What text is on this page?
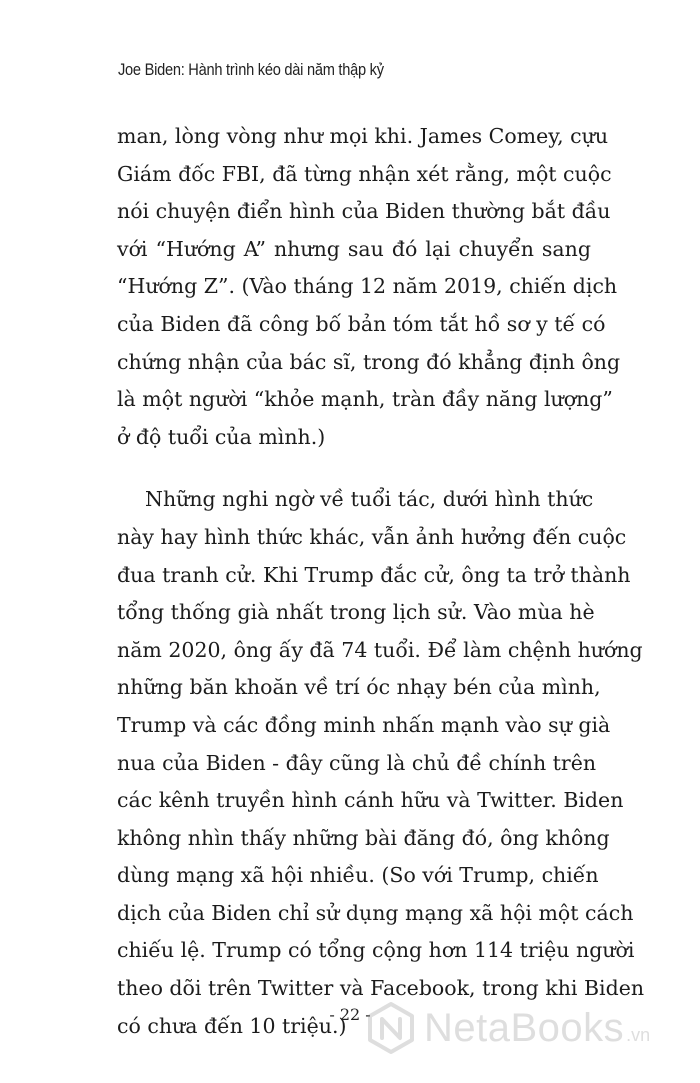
Joe Biden: Hành trình kéo dài năm thập kỷ
man, lòng vòng như mọi khi. James Comey, cựu
Giám đốc FBI, đã từng nhận xét rằng, một cuộc
nói chuyện điển hình của Biden thường bắt đầu
với “Hướng A” nhưng sau đó lại chuyển sang
“Hướng Z”. (Vào tháng 12 năm 2019, chiến dịch
của Biden đã công bố bản tóm tắt hồ sơ y tế có
chứng nhận của bác sĩ, trong đó khẳng định ông
là một người “khỏe mạnh, tràn đầy năng lượng”
ở độ tuổi của mình.)
Những nghi ngờ về tuổi tác, dưới hình thức
này hay hình thức khác, vẫn ảnh hưởng đến cuộc
đua tranh cử. Khi Trump đắc cử, ông ta trở thành
tổng thống già nhất trong lịch sử. Vào mùa hè
năm 2020, ông ấy đã 74 tuổi. Để làm chệnh hướng
những băn khoăn về trí óc nhạy bén của mình,
Trump và các đồng minh nhấn mạnh vào sự già
nua của Biden - đây cũng là chủ đề chính trên
các kênh truyền hình cánh hữu và Twitter. Biden
không nhìn thấy những bài đăng đó, ông không
dùng mạng xã hội nhiều. (So với Trump, chiến
dịch của Biden chỉ sử dụng mạng xã hội một cách
chiếu lệ. Trump có tổng cộng hơn 114 triệu người
theo dõi trên Twitter và Facebook, trong khi Biden
có chưa đến 10 triệu.)
- 22 -	NetaBooks .vn
